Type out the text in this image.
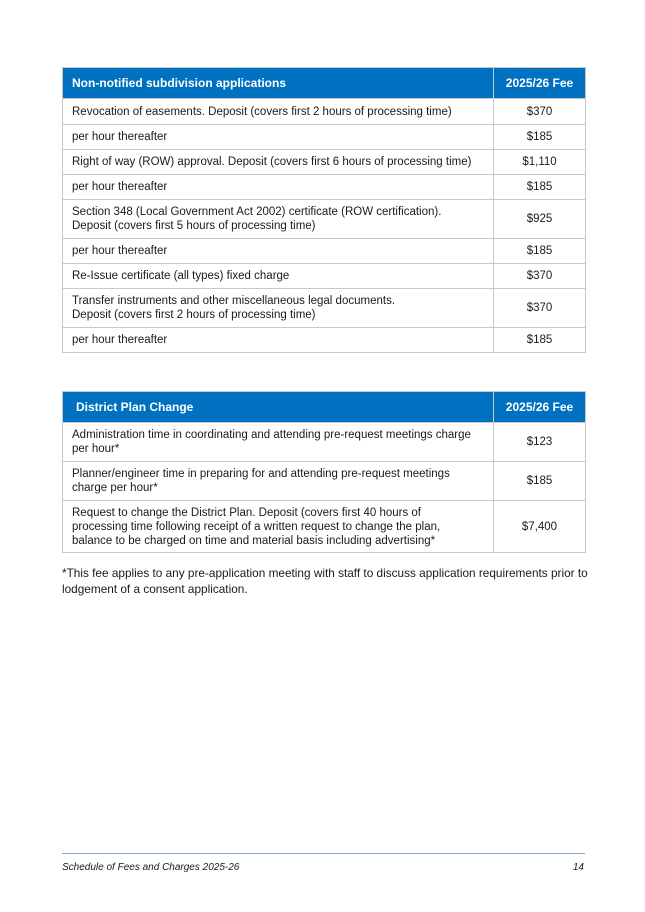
Non-notified subdivision applications	2025/26 Fee

Revocation of easements. Deposit (covers first 2 hours of processing time)	$370

per hour thereafter	$185

Right of way (ROW) approval. Deposit (covers first 6 hours of processing time)	$1,110

per hour thereafter	$185

Section 348 (Local Government Act 2002) certificate (ROW certification).
Deposit (covers first 5 hours of processing time)	$925

per hour thereafter	$185

Re-Issue certificate (all types) fixed charge	$370

Transfer instruments and other miscellaneous legal documents.
Deposit (covers first 2 hours of processing time)	$370

per hour thereafter	$185
District Plan Change	2025/26 Fee

Administration time in coordinating and attending pre-request meetings charge
per hour*	$123

Planner/engineer time in preparing for and attending pre-request meetings
charge per hour*	$185

Request to change the District Plan. Deposit (covers first 40 hours of
processing time following receipt of a written request to change the plan,
balance to be charged on time and material basis including advertising*	$7,400

*This fee applies to any pre-application meeting with staff to discuss application requirements prior to lodgement of a consent application.

Schedule of Fees and Charges 2025-26	14
